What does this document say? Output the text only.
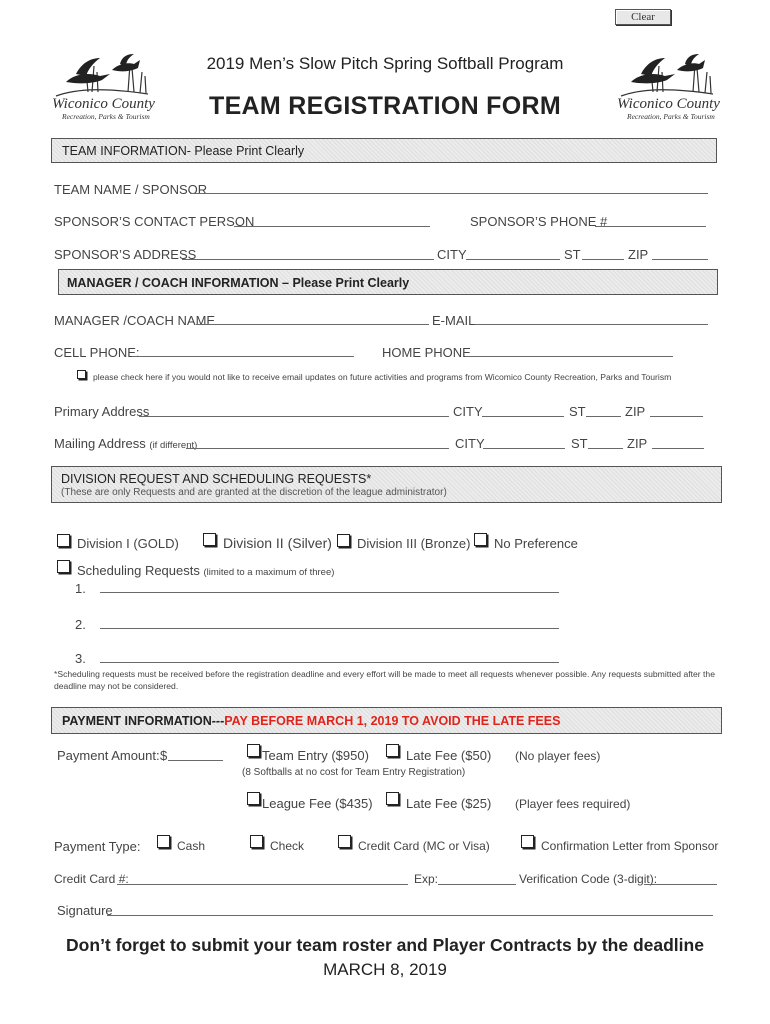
Clear
Wiconico County
Recreation, Parks & Tourism
Wiconico County
Recreation, Parks & Tourism
2019 Men’s Slow Pitch Spring Softball Program
TEAM REGISTRATION FORM
TEAM INFORMATION- Please Print Clearly
TEAM NAME / SPONSOR
SPONSOR’S CONTACT PERSON	SPONSOR’S PHONE #
SPONSOR’S ADDRESS	CITY	ST	ZIP
MANAGER / COACH INFORMATION – Please Print Clearly
MANAGER /COACH NAME	E-MAIL
CELL PHONE:	HOME PHONE
please check here if you would not like to receive email updates on future activities and programs from Wicomico County Recreation, Parks and Tourism
Primary Address	CITY	ST	ZIP
Mailing Address (if different)	CITY	ST	ZIP
DIVISION REQUEST AND SCHEDULING REQUESTS*
(These are only Requests and are granted at the discretion of the league administrator)
Division I (GOLD)	Division II (Silver) Division III (Bronze) No Preference
Scheduling Requests (limited to a maximum of three)
1.
2.
3.
*Scheduling requests must be received before the registration deadline and every effort will be made to meet all requests whenever possible. Any requests submitted after the
deadline may not be considered.
PAYMENT INFORMATION---PAY BEFORE MARCH 1, 2019 TO AVOID THE LATE FEES
Payment Amount: $	Team Entry ($950)	Late Fee ($50) (No player fees)
(8 Softballs at no cost for Team Entry Registration)
League Fee ($435)	Late Fee ($25) (Player fees required)
Payment Type:	Cash	Check	Credit Card (MC or Visa)	Confirmation Letter from Sponsor
Credit Card #:	Exp:	Verification Code (3-digit):
Signature
Don’t forget to submit your team roster and Player Contracts by the deadline
MARCH 8, 2019
